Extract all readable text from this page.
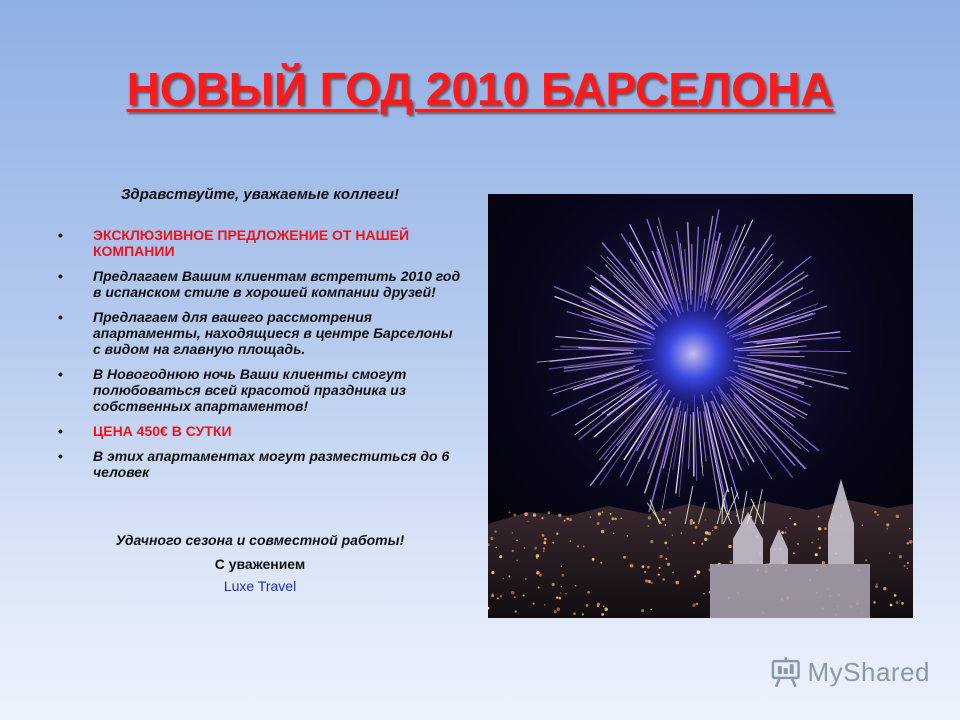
НОВЫЙ ГОД 2010 БАРСЕЛОНА
Здравствуйте, уважаемые коллеги!
• ЭКСКЛЮЗИВНОЕ ПРЕДЛОЖЕНИЕ ОТ НАШЕЙ КОМПАНИИ
• Предлагаем Вашим клиентам встретить 2010 год в испанском стиле в хорошей компании друзей!
• Предлагаем для вашего рассмотрения апартаменты, находящиеся в центре Барселоны с видом на главную площадь.
• В Новогоднюю ночь Ваши клиенты смогут полюбоваться всей красотой праздника из собственных апартаментов!
• ЦЕНА 450€ В СУТКИ
• В этих апартаментах могут разместиться до 6 человек
Удачного сезона и совместной работы!
С уважением
Luxe Travel
MyShared
